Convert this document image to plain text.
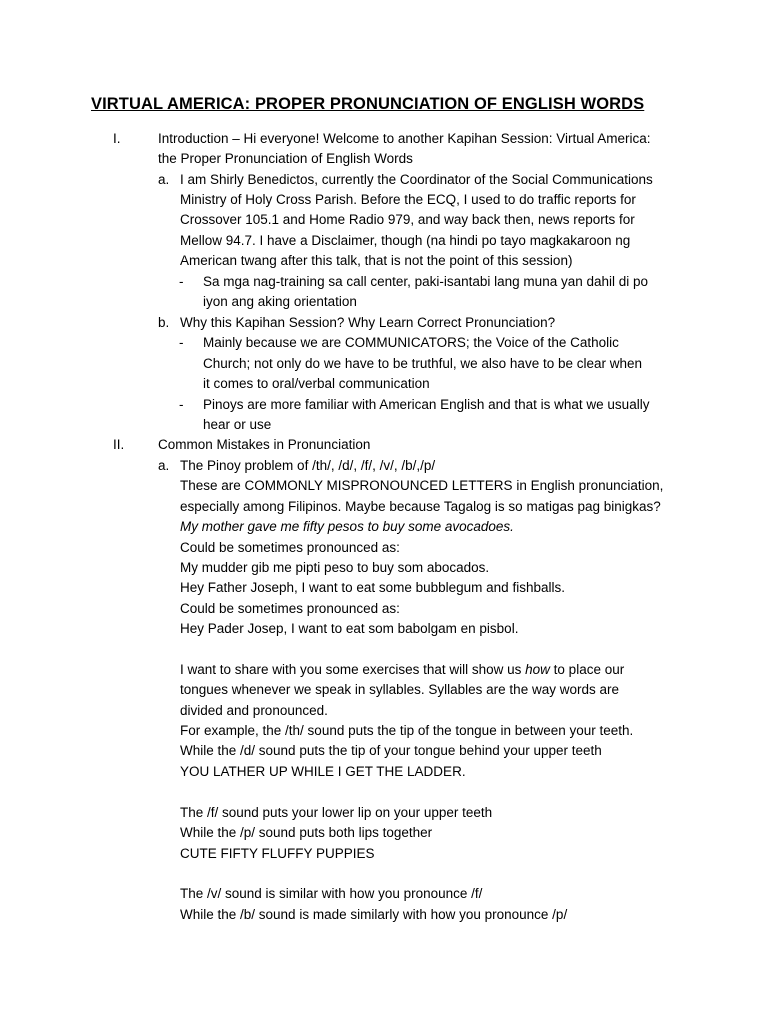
VIRTUAL AMERICA: PROPER PRONUNCIATION OF ENGLISH WORDS

I.	Introduction – Hi everyone! Welcome to another Kapihan Session: Virtual America:

the Proper Pronunciation of English Words

a. I am Shirly Benedictos, currently the Coordinator of the Social Communications

Ministry of Holy Cross Parish. Before the ECQ, I used to do traffic reports for

Crossover 105.1 and Home Radio 979, and way back then, news reports for

Mellow 94.7. I have a Disclaimer, though (na hindi po tayo magkakaroon ng

American twang after this talk, that is not the point of this session)

- Sa mga nag-training sa call center, paki-isantabi lang muna yan dahil di po

iyon ang aking orientation

b. Why this Kapihan Session? Why Learn Correct Pronunciation?

- Mainly because we are COMMUNICATORS; the Voice of the Catholic

Church; not only do we have to be truthful, we also have to be clear when

it comes to oral/verbal communication

- Pinoys are more familiar with American English and that is what we usually

hear or use

II. Common Mistakes in Pronunciation

a. The Pinoy problem of /th/, /d/, /f/, /v/, /b/,/p/

These are COMMONLY MISPRONOUNCED LETTERS in English pronunciation,

especially among Filipinos. Maybe because Tagalog is so matigas pag binigkas?

My mother gave me fifty pesos to buy some avocadoes.

Could be sometimes pronounced as:

My mudder gib me pipti peso to buy som abocados.

Hey Father Joseph, I want to eat some bubblegum and fishballs.

Could be sometimes pronounced as:

Hey Pader Josep, I want to eat som babolgam en pisbol.

I want to share with you some exercises that will show us how to place our

tongues whenever we speak in syllables. Syllables are the way words are

divided and pronounced.

For example, the /th/ sound puts the tip of the tongue in between your teeth.

While the /d/ sound puts the tip of your tongue behind your upper teeth

YOU LATHER UP WHILE I GET THE LADDER.

The /f/ sound puts your lower lip on your upper teeth

While the /p/ sound puts both lips together

CUTE FIFTY FLUFFY PUPPIES

The /v/ sound is similar with how you pronounce /f/

While the /b/ sound is made similarly with how you pronounce /p/
